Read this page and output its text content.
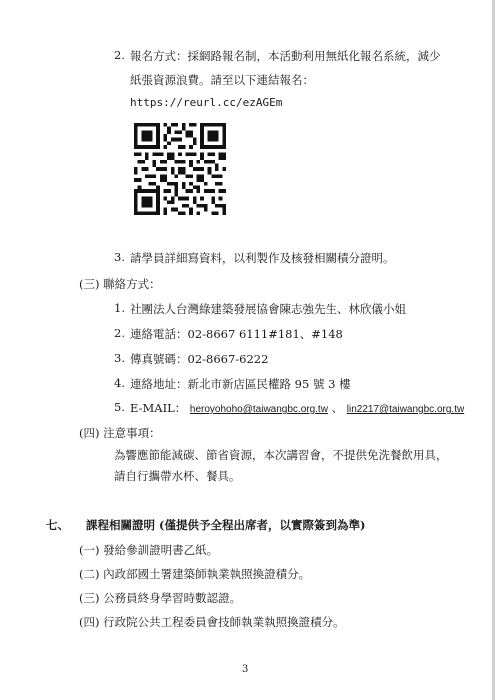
2. 報名方式：採網路報名制，本活動利用無紙化報名系統，減少
紙張資源浪費。請至以下連結報名：
https://reurl.cc/ezAGEm
3. 請學員詳細寫資料，以利製作及核發相關積分證明。
(三) 聯絡方式：
1. 社團法人台灣綠建築發展協會陳志強先生、林欣儀小姐
2. 連絡電話：02-8667 6111#181、#148
3. 傳真號碼：02-8667-6222
4. 連絡地址：新北市新店區民權路 95 號 3 樓
5. E-MAIL： heroyohoho@taiwangbc.org.tw 、 lin2217@taiwangbc.org.tw
(四) 注意事項：
為響應節能減碳、節省資源，本次講習會，不提供免洗餐飲用具，
請自行攜帶水杯、餐具。
七、 課程相關證明 (僅提供予全程出席者，以實際簽到為準)
(一) 發給參訓證明書乙紙。
(二) 內政部國土署建築師執業執照換證積分。
(三) 公務員終身學習時數認證。
(四) 行政院公共工程委員會技師執業執照換證積分。
3
